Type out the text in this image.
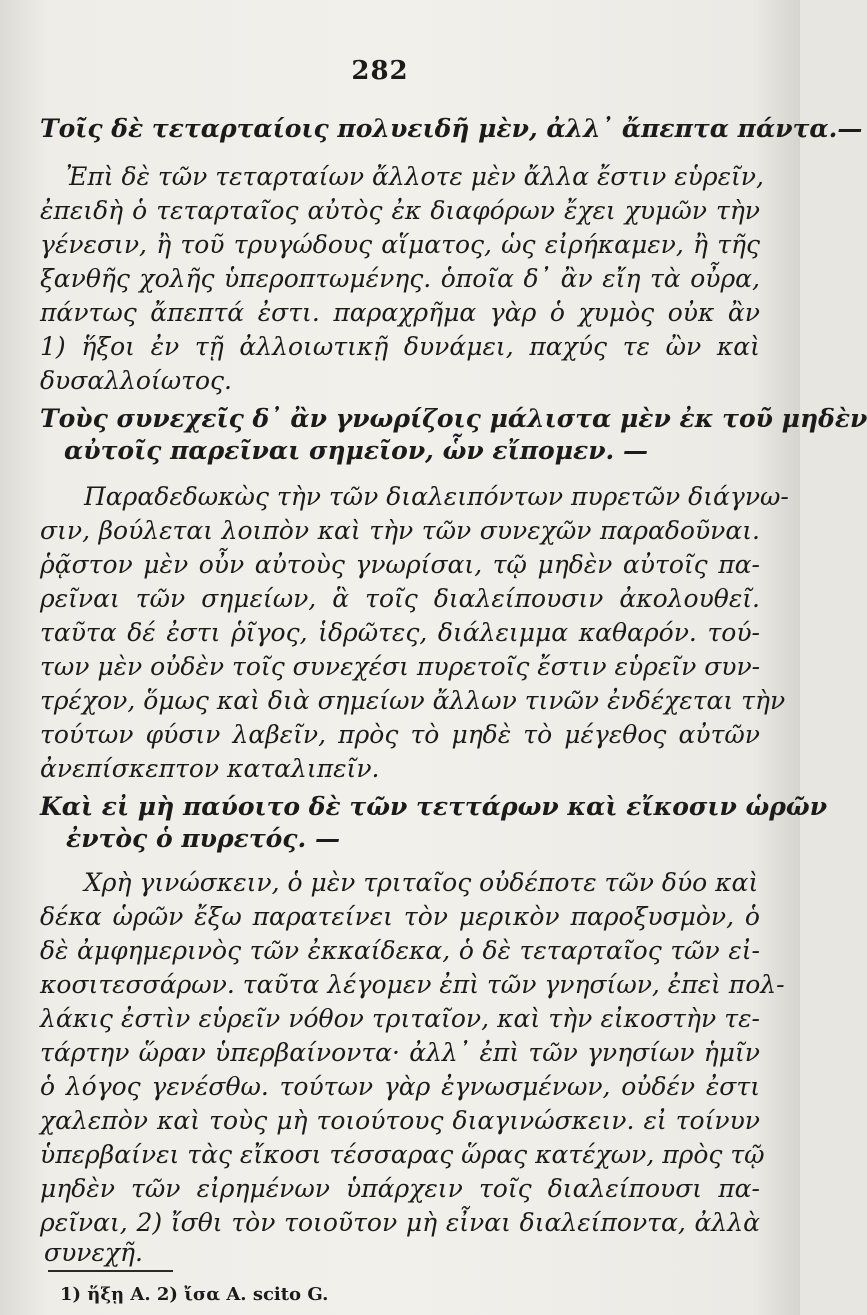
282
Τοῖς δὲ τεταρταίοις πολυειδῆ μὲν, ἀλλ᾽ ἄπεπτα πάντα.—
Ἐπὶ δὲ τῶν τεταρταίων ἄλλοτε μὲν ἄλλα ἔστιν εὑρεῖν,
ἐπειδὴ ὁ τεταρταῖος αὐτὸς ἐκ διαφόρων ἔχει χυμῶν τὴν
γένεσιν, ἢ τοῦ τρυγώδους αἵματος, ὡς εἰρήκαμεν, ἢ τῆς
ξανθῆς χολῆς ὑπεροπτωμένης. ὁποῖα δ᾽ ἂν εἴη τὰ οὖρα,
πάντως ἄπεπτά ἐστι. παραχρῆμα γὰρ ὁ χυμὸς οὐκ ἂν
1) ἥξοι ἐν τῇ ἀλλοιωτικῇ δυνάμει, παχύς τε ὢν καὶ
δυσαλλοίωτος.
Τοὺς συνεχεῖς δ᾽ ἂν γνωρίζοις μάλιστα μὲν ἐκ τοῦ μηδὲν
αὐτοῖς παρεῖναι σημεῖον, ὧν εἴπομεν. —
Παραδεδωκὼς τὴν τῶν διαλειπόντων πυρετῶν διάγνω-
σιν, βούλεται λοιπὸν καὶ τὴν τῶν συνεχῶν παραδοῦναι.
ῥᾷστον μὲν οὖν αὐτοὺς γνωρίσαι, τῷ μηδὲν αὐτοῖς πα-
ρεῖναι τῶν σημείων, ἃ τοῖς διαλείπουσιν ἀκολουθεῖ.
ταῦτα δέ ἐστι ῥῖγος, ἱδρῶτες, διάλειμμα καθαρόν. τού-
των μὲν οὐδὲν τοῖς συνεχέσι πυρετοῖς ἔστιν εὑρεῖν συν-
τρέχον, ὅμως καὶ διὰ σημείων ἄλλων τινῶν ἐνδέχεται τὴν
τούτων φύσιν λαβεῖν, πρὸς τὸ μηδὲ τὸ μέγεθος αὐτῶν
ἀνεπίσκεπτον καταλιπεῖν.
Καὶ εἰ μὴ παύοιτο δὲ τῶν τεττάρων καὶ εἴκοσιν ὡρῶν
ἐντὸς ὁ πυρετός. —
Χρὴ γινώσκειν, ὁ μὲν τριταῖος οὐδέποτε τῶν δύο καὶ
δέκα ὡρῶν ἔξω παρατείνει τὸν μερικὸν παροξυσμὸν, ὁ
δὲ ἀμφημερινὸς τῶν ἐκκαίδεκα, ὁ δὲ τεταρταῖος τῶν εἰ-
κοσιτεσσάρων. ταῦτα λέγομεν ἐπὶ τῶν γνησίων, ἐπεὶ πολ-
λάκις ἐστὶν εὑρεῖν νόθον τριταῖον, καὶ τὴν εἰκοστὴν τε-
τάρτην ὥραν ὑπερβαίνοντα· ἀλλ᾽ ἐπὶ τῶν γνησίων ἡμῖν
ὁ λόγος γενέσθω. τούτων γὰρ ἐγνωσμένων, οὐδέν ἐστι
χαλεπὸν καὶ τοὺς μὴ τοιούτους διαγινώσκειν. εἰ τοίνυν
ὑπερβαίνει τὰς εἴκοσι τέσσαρας ὥρας κατέχων, πρὸς τῷ
μηδὲν τῶν εἰρημένων ὑπάρχειν τοῖς διαλείπουσι πα-
ρεῖναι, 2) ἴσθι τὸν τοιοῦτον μὴ εἶναι διαλείποντα, ἀλλὰ
συνεχῆ.
1) ἥξῃ A. 2) ἴσα A. scito G.
